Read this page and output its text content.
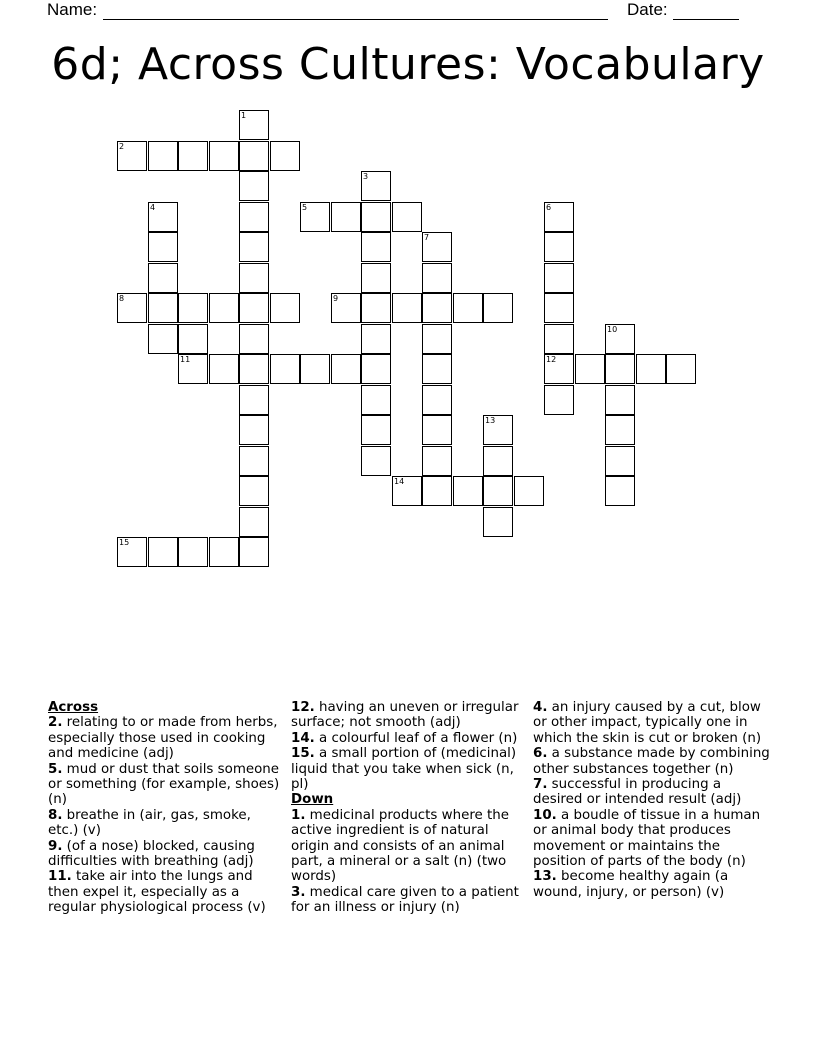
Name:	Date:
6d; Across Cultures: Vocabulary
1
2
3
4	5	6
12
7
8	9
10
11
13
14
15
Across
2. relating to or made from herbs, especially those used in cooking and medicine (adj)
5. mud or dust that soils someone or something (for example, shoes) (n)
8. breathe in (air, gas, smoke, etc.) (v)
9. (of a nose) blocked, causing difficulties with breathing (adj)
11. take air into the lungs and then expel it, especially as a regular physiological process (v)
12. having an uneven or irregular surface; not smooth (adj)
14. a colourful leaf of a flower (n)
15. a small portion of (medicinal) liquid that you take when sick (n, pl)
Down
1. medicinal products where the active ingredient is of natural origin and consists of an animal part, a mineral or a salt (n) (two words)
3. medical care given to a patient for an illness or injury (n)
4. an injury caused by a cut, blow or other impact, typically one in which the skin is cut or broken (n)
6. a substance made by combining other substances together (n)
7. successful in producing a desired or intended result (adj)
10. a boudle of tissue in a human or animal body that produces movement or maintains the position of parts of the body (n)
13. become healthy again (a wound, injury, or person) (v)
